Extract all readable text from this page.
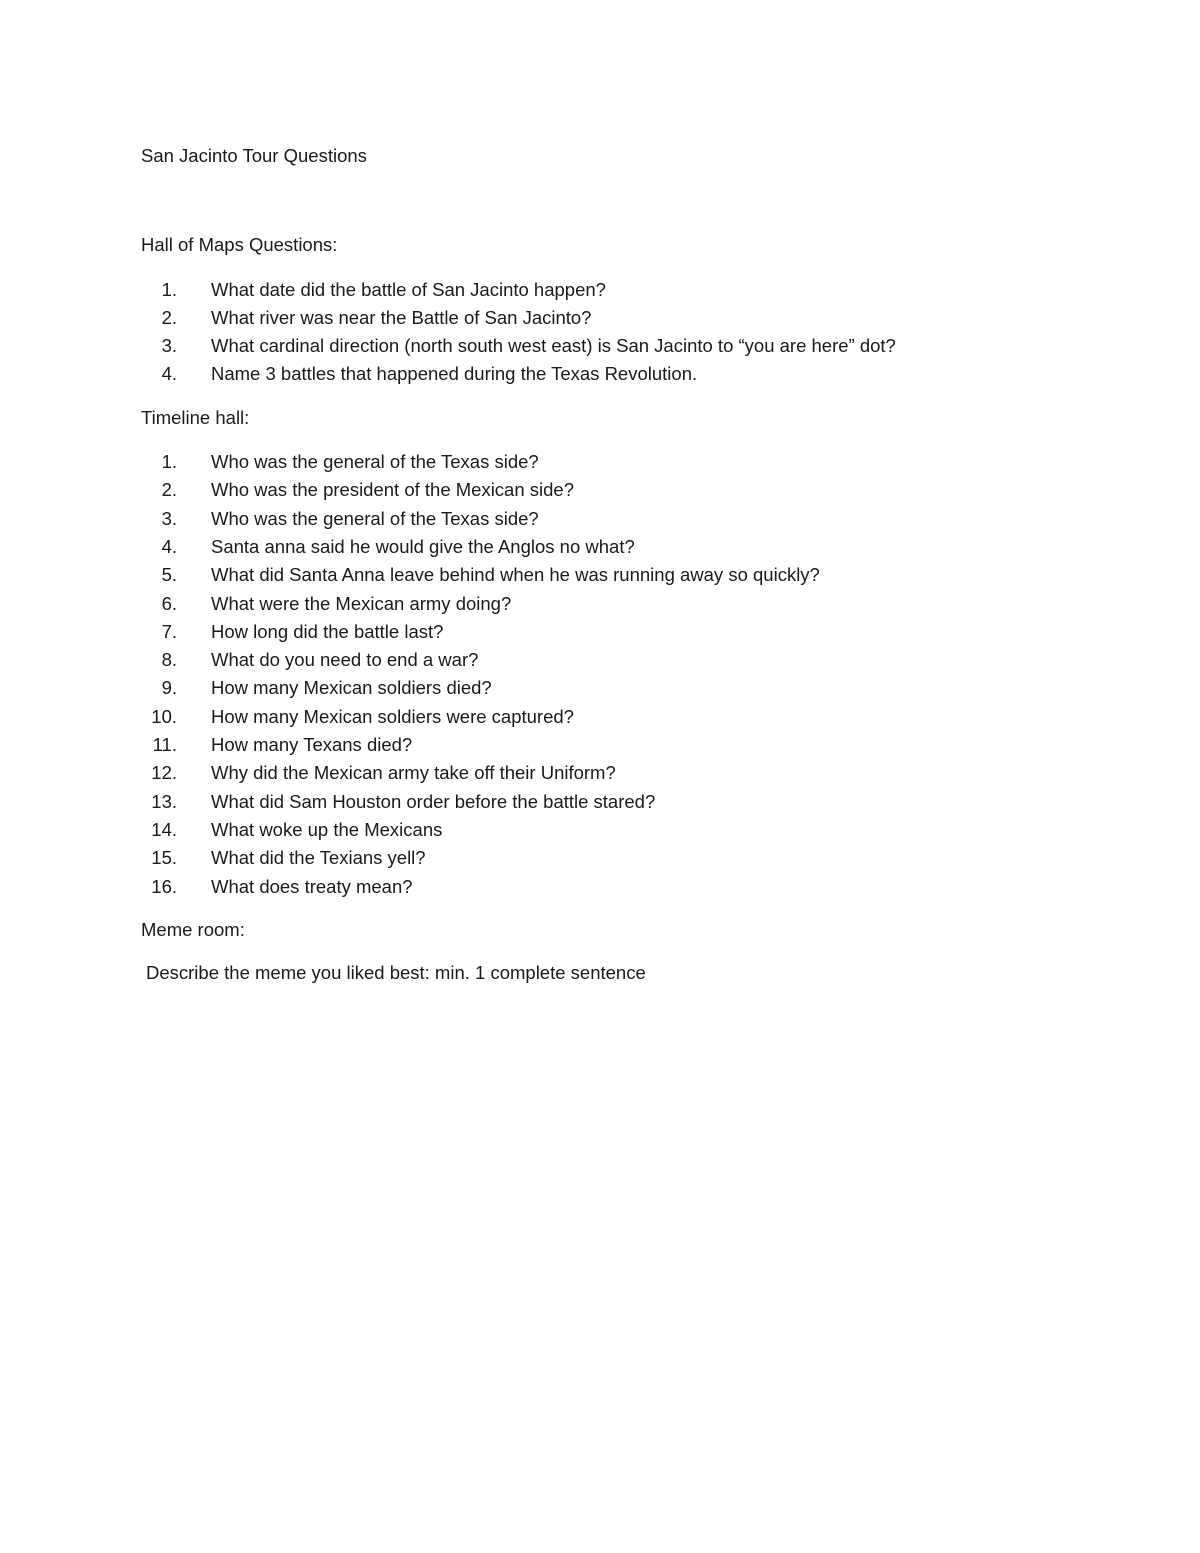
San Jacinto Tour Questions
Hall of Maps Questions:
1.	What date did the battle of San Jacinto happen?
2.	What river was near the Battle of San Jacinto?
3.	What cardinal direction (north south west east) is San Jacinto to “you are here” dot?
4.	Name 3 battles that happened during the Texas Revolution.
Timeline hall:
1.	Who was the general of the Texas side?
2.	Who was the president of the Mexican side?
3.	Who was the general of the Texas side?
4.	Santa anna said he would give the Anglos no what?
5.	What did Santa Anna leave behind when he was running away so quickly?
6.	What were the Mexican army doing?
7.	How long did the battle last?
8.	What do you need to end a war?
9.	How many Mexican soldiers died?
10.	How many Mexican soldiers were captured?
11.	How many Texans died?
12.	Why did the Mexican army take off their Uniform?
13.	What did Sam Houston order before the battle stared?
14.	What woke up the Mexicans
15.	What did the Texians yell?
16.	What does treaty mean?
Meme room:

Describe the meme you liked best: min. 1 complete sentence
